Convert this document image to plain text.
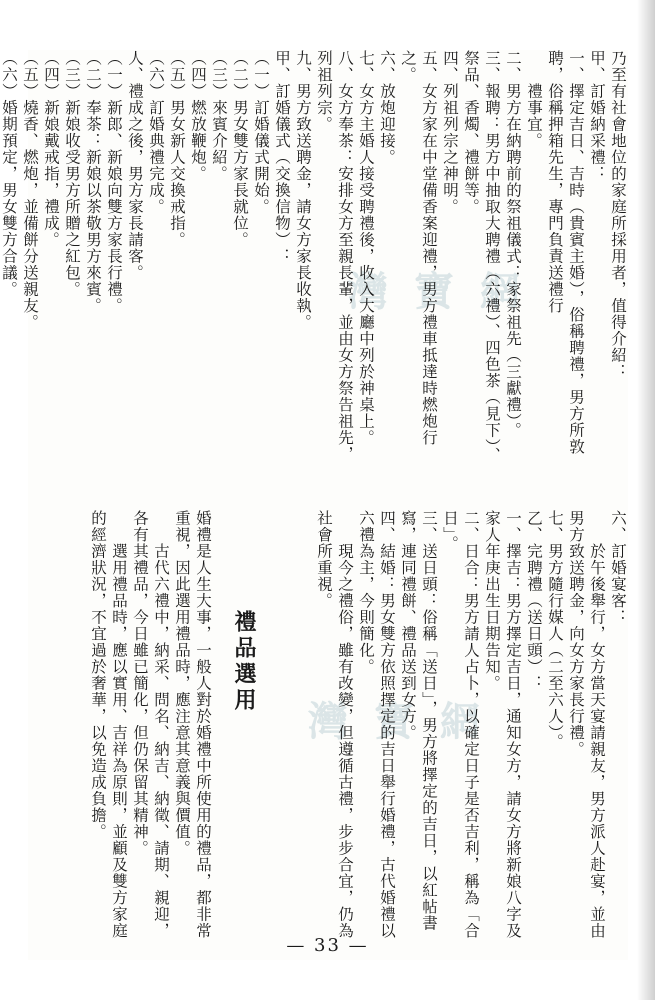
灣 寶 網
灣 寶 網
乃至有社會地位的家庭所採用者，值得介紹：
甲、訂婚納采禮：
一、擇定吉日、吉時（貴賓主婚），俗稱聘禮，男方所敦聘，俗稱押箱先生，專門負責送禮行
　　禮事宜。
二、男方在納聘前的祭祖儀式：家祭祖先（三獻禮）。
三、報聘：男方中抽取大聘禮（六禮）、四色茶（見下）、祭品、香燭、禮餅等。
四、列祖列宗之神明。
五、女方家在中堂備香案迎禮，男方禮車抵達時燃炮行之。
六、放炮迎接。
七、女方主婚人接受聘禮後，收入大廳中列於神桌上。
八、女方奉茶：安排女方至親長輩，並由女方祭告祖先，列祖列宗。
九、男方致送聘金，請女方家長收執。
甲、訂婚儀式（交換信物）：
（一）訂婚儀式開始。
（二）男女雙方家長就位。
（三）來賓介紹。
（四）燃放鞭炮。
（五）男女新人交換戒指。
（六）訂婚典禮完成。
人、禮成之後，男方家長請客。
（一）新郎、新娘向雙方家長行禮。
（二）奉茶：新娘以茶敬男方來賓。
（三）新娘收受男方所贈之紅包。
（四）新娘戴戒指，禮成。
（五）燒香、燃炮，並備餅分送親友。
（六）婚期預定，男女雙方合議。
六、訂婚宴客：
　　於午後舉行，女方當天宴請親友，男方派人赴宴，並由男方致送聘金，向女方家長行禮。
七、男方隨行媒人（二至六人）。
乙、完聘禮（送日頭）：
一、擇吉：男方擇定吉日，通知女方，請女方將新娘八字及家人年庚出生日期告知。
二、日合：男方請人占卜，以確定日子是否吉利，稱為「合日」。
三、送日頭：俗稱「送日」，男方將擇定的吉日，以紅帖書寫，連同禮餅、禮品送到女方。
四、結婚：男女雙方依照擇定的吉日舉行婚禮，古代婚禮以六禮為主，今則簡化。
　　現今之禮俗，雖有改變，但遵循古禮，步步合宜，仍為社會所重視。
禮品選用
婚禮是人生大事，一般人對於婚禮中所使用的禮品，都非常重視，因此選用禮品時，應注意其意義與價值。
　　古代六禮中，納采、問名、納吉、納徵、請期、親迎，各有其禮品，今日雖已簡化，但仍保留其精神。
　　選用禮品時，應以實用、吉祥為原則，並顧及雙方家庭的經濟狀況，不宜過於奢華，以免造成負擔。
— 33 —
